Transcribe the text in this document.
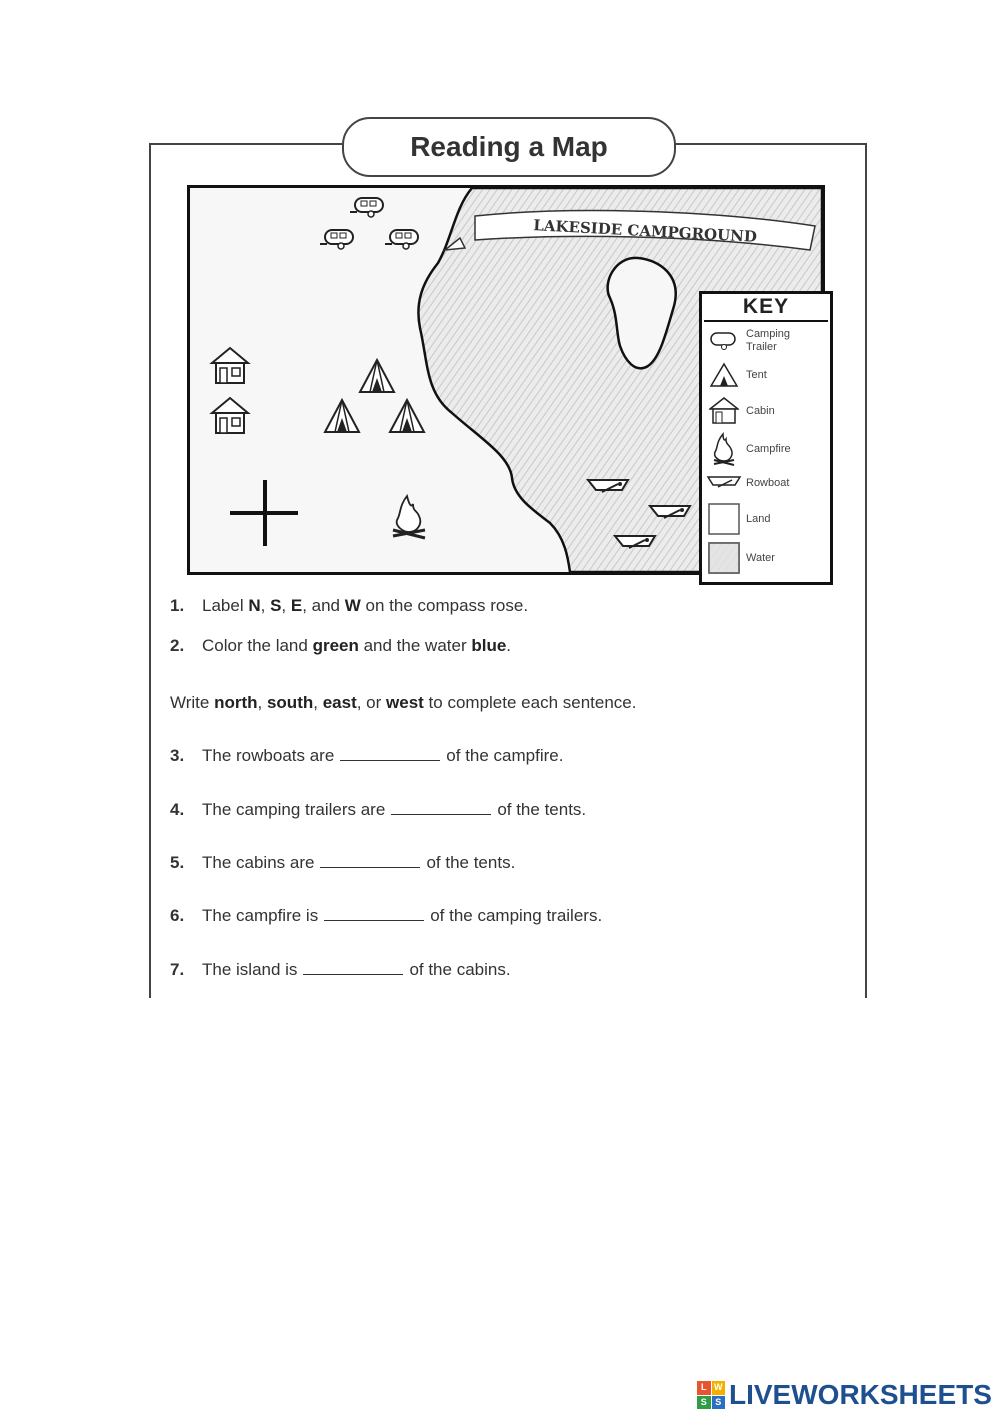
Reading a Map
LAKESIDE CAMPGROUND
KEY
Camping Trailer
Tent
Cabin
Campfire
Rowboat
Land
Water
1. Label N, S, E, and W on the compass rose.
2. Color the land green and the water blue.
Write north, south, east, or west to complete each sentence.
3. The rowboats are	of the campfire.
4. The camping trailers are	of the tents.
5. The cabins are	of the tents.
6. The campfire is	of the camping trailers.
7. The island is	of the cabins.
L W
S S LIVEWORKSHEETS
